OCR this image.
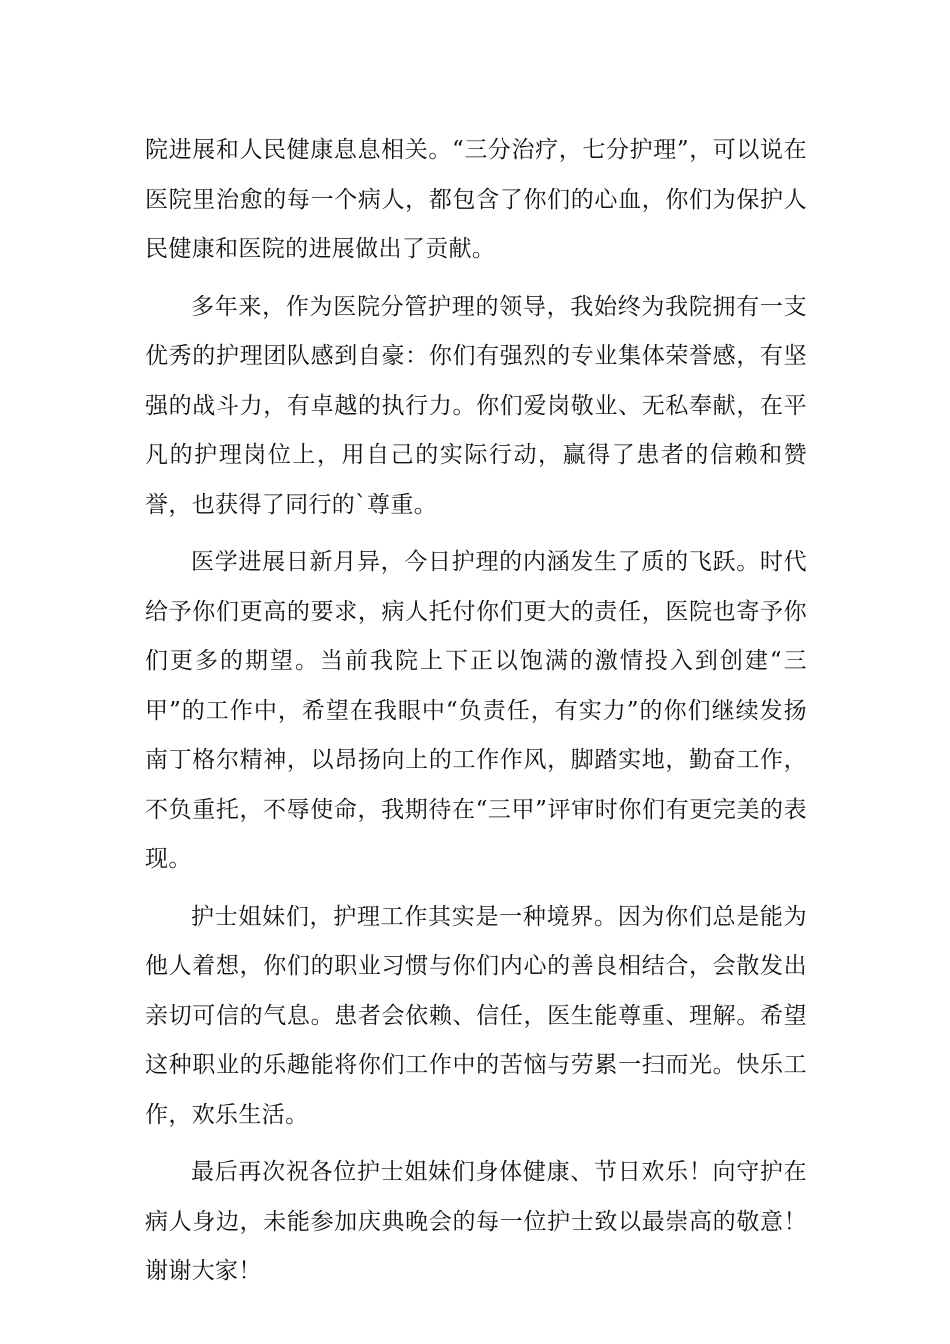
院进展和人民健康息息相关。“三分治疗，七分护理”，可以说在医院里治愈的每一个病人，都包含了你们的心血，你们为保护人民健康和医院的进展做出了贡献。

多年来，作为医院分管护理的领导，我始终为我院拥有一支优秀的护理团队感到自豪：你们有强烈的专业集体荣誉感，有坚强的战斗力，有卓越的执行力。你们爱岗敬业、无私奉献，在平凡的护理岗位上，用自己的实际行动，赢得了患者的信赖和赞誉，也获得了同行的`尊重。

医学进展日新月异，今日护理的内涵发生了质的飞跃。时代给予你们更高的要求，病人托付你们更大的责任，医院也寄予你们更多的期望。当前我院上下正以饱满的激情投入到创建“三甲”的工作中，希望在我眼中“负责任，有实力”的你们继续发扬南丁格尔精神，以昂扬向上的工作作风，脚踏实地，勤奋工作，不负重托，不辱使命，我期待在“三甲”评审时你们有更完美的表现。

护士姐妹们，护理工作其实是一种境界。因为你们总是能为他人着想，你们的职业习惯与你们内心的善良相结合，会散发出亲切可信的气息。患者会依赖、信任，医生能尊重、理解。希望这种职业的乐趣能将你们工作中的苦恼与劳累一扫而光。快乐工作，欢乐生活。

最后再次祝各位护士姐妹们身体健康、节日欢乐！向守护在病人身边，未能参加庆典晚会的每一位护士致以最崇高的敬意！谢谢大家！
